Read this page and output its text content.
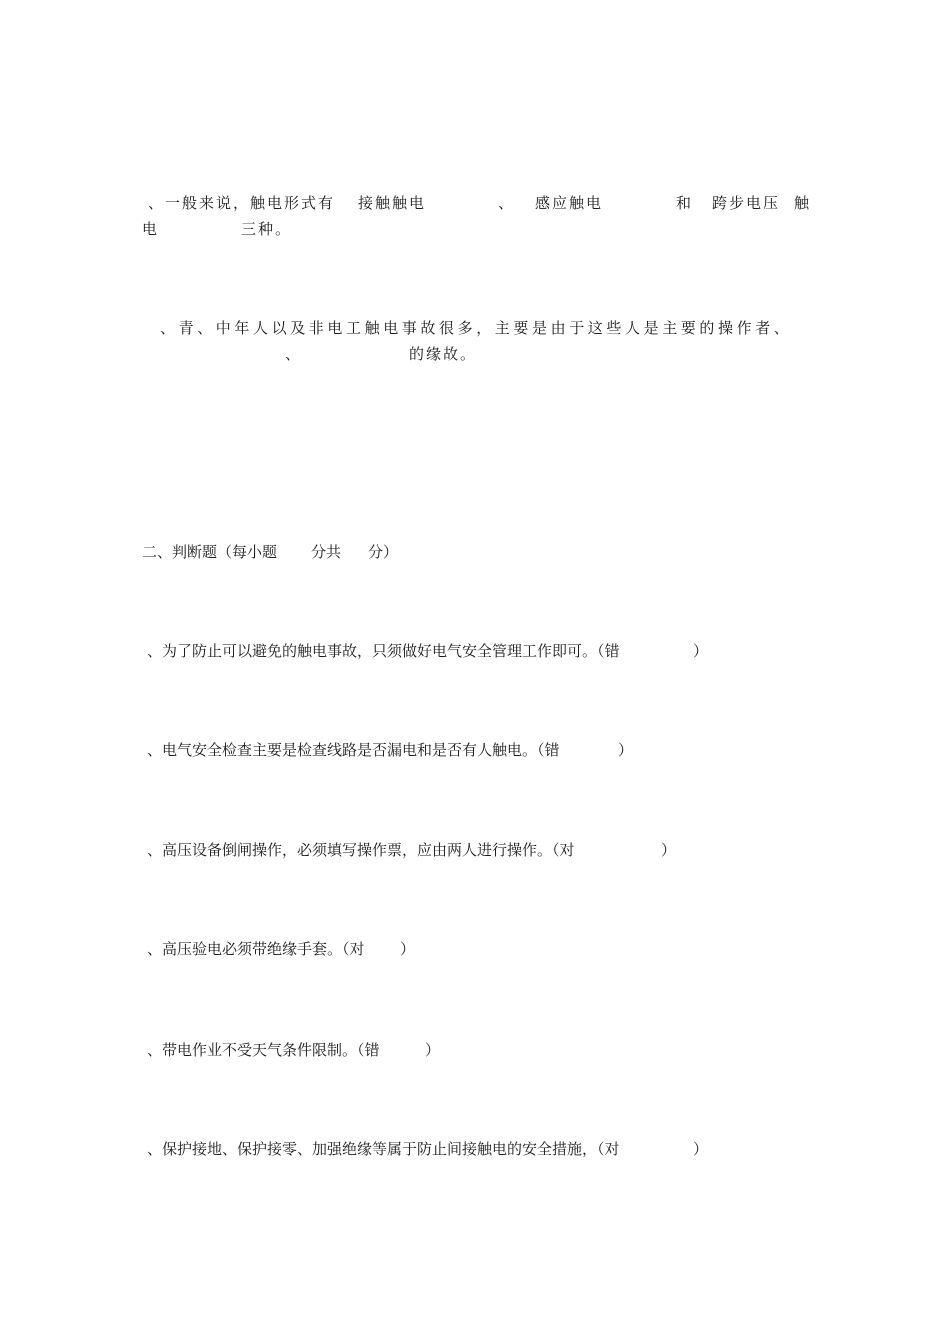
、一般来说，触电形式有 接触触电	、 感应触电	和 跨步电压 触
电	三种。
、青、中年人以及非电工触电事故很多，主要是由于这些人是主要的操作者、
、	的缘故。
二、判断题（每小题 分共 分）
、为了防止可以避免的触电事故，只须做好电气安全管理工作即可。（错	）
、电气安全检查主要是检查线路是否漏电和是否有人触电。（错	）
、高压设备倒闸操作，必须填写操作票，应由两人进行操作。（对	）
、高压验电必须带绝缘手套。（对 ）
、带电作业不受天气条件限制。（错	）
、保护接地、保护接零、加强绝缘等属于防止间接触电的安全措施，（对	）
